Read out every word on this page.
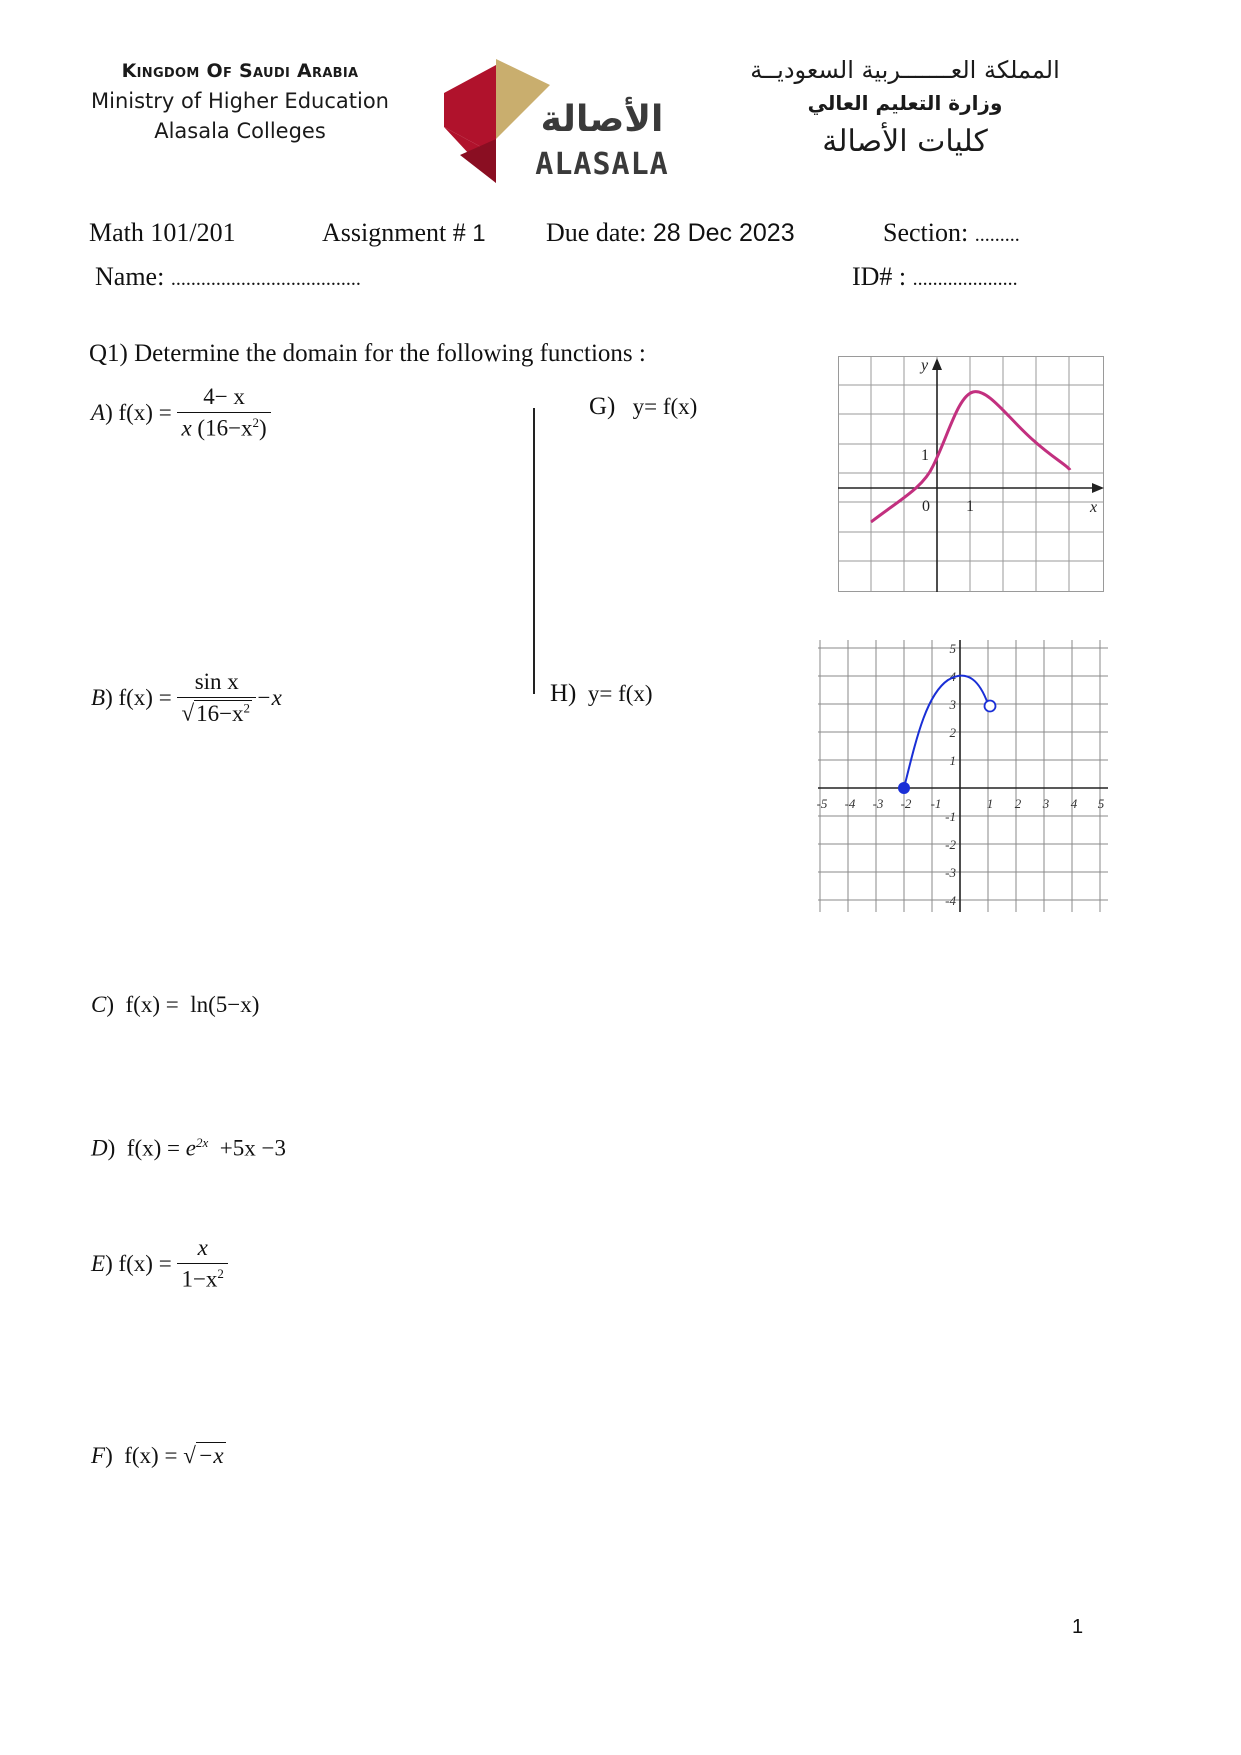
Kingdom Of Saudi Arabia
Ministry of Higher Education
Alasala Colleges	الأصالة
ALASALA
المملكة العـــــــربية السعوديــة
وزارة التعليم العالي
كليات الأصالة
Math 101/201	Assignment # 1 Due date: 28 Dec 2023	Section: .........
Name: ......................................	ID# : .....................
Q1) Determine the domain for the following functions :
A ) f(x) =
$\frac{4- x}{x (16-x^2)}$	G) y= f(x)
y
x
1
0 1
B ) f(x) =
$\frac{\text{sin x}}{√16-x^2} -x$	H) y= f(x)
-5 -4 -3 -2 -1	1 2 3 4 5
5
4
3
2
1
-1
-2
-3
-4
C)  f(x) = ln(5−x)
D)  $f(x) = e^{2x} +5x -3$
E ) f(x) =
$\frac{x}{1-x^2}$
F)  f(x) = √−x
1
